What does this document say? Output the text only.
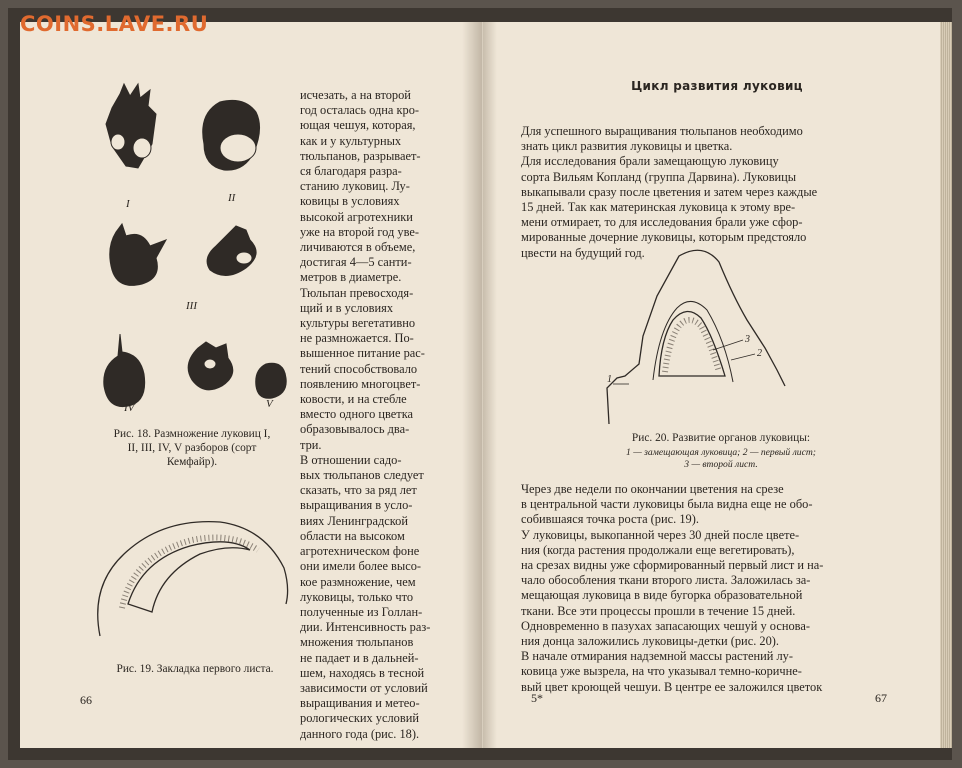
I	II
III
IV	V
Рис. 18. Размножение луковиц I,
II, III, IV, V разборов (сорт
Кемфайр).
Рис. 19. Закладка первого листа.
исчезать, а на второй
год осталась одна кро-
ющая чешуя, которая,
как и у культурных
тюльпанов, разрывает-
ся благодаря разра-
станию луковиц. Лу-
ковицы в условиях
высокой агротехники
уже на второй год уве-
личиваются в объеме,
достигая 4—5 санти-
метров в диаметре.
Тюльпан превосходя-
щий и в условиях
культуры вегетативно
не размножается. По-
вышенное питание рас-
тений способствовало
появлению многоцвет-
ковости, и на стебле
вместо одного цветка
образовывалось два-
три.
В отношении садо-
вых тюльпанов следует
сказать, что за ряд лет
выращивания в усло-
виях Ленинградской
области на высоком
агротехническом фоне
они имели более высо-
кое размножение, чем
луковицы, только что
полученные из Голлан-
дии. Интенсивность раз-
множения тюльпанов
не падает и в дальней-
шем, находясь в тесной
зависимости от условий
выращивания и метео-
рологических условий
данного года (рис. 18).
66
Цикл развития луковиц
Для успешного выращивания тюльпанов необходимо
знать цикл развития луковицы и цветка.
Для исследования брали замещающую луковицу
сорта Вильям Копланд (группа Дарвина). Луковицы
выкапывали сразу после цветения и затем через каждые
15 дней. Так как материнская луковица к этому вре-
мени отмирает, то для исследования брали уже сфор-
мированные дочерние луковицы, которым предстояло
цвести на будущий год.
1
3
2
Рис. 20. Развитие органов луковицы:
1 — замещающая луковица; 2 — первый лист;
3 — второй лист.
Через две недели по окончании цветения на срезе
в центральной части луковицы была видна еще не обо-
собившаяся точка роста (рис. 19).
У луковицы, выкопанной через 30 дней после цвете-
ния (когда растения продолжали еще вегетировать),
на срезах видны уже сформированный первый лист и на-
чало обособления ткани второго листа. Заложилась за-
мещающая луковица в виде бугорка образовательной
ткани. Все эти процессы прошли в течение 15 дней.
Одновременно в пазухах запасающих чешуй у основа-
ния донца заложились луковицы-детки (рис. 20).
В начале отмирания надземной массы растений лу-
ковица уже вызрела, на что указывал темно-коричне-
вый цвет кроющей чешуи. В центре ее заложился цветок
5*	67
COINS.LAVE.RU
